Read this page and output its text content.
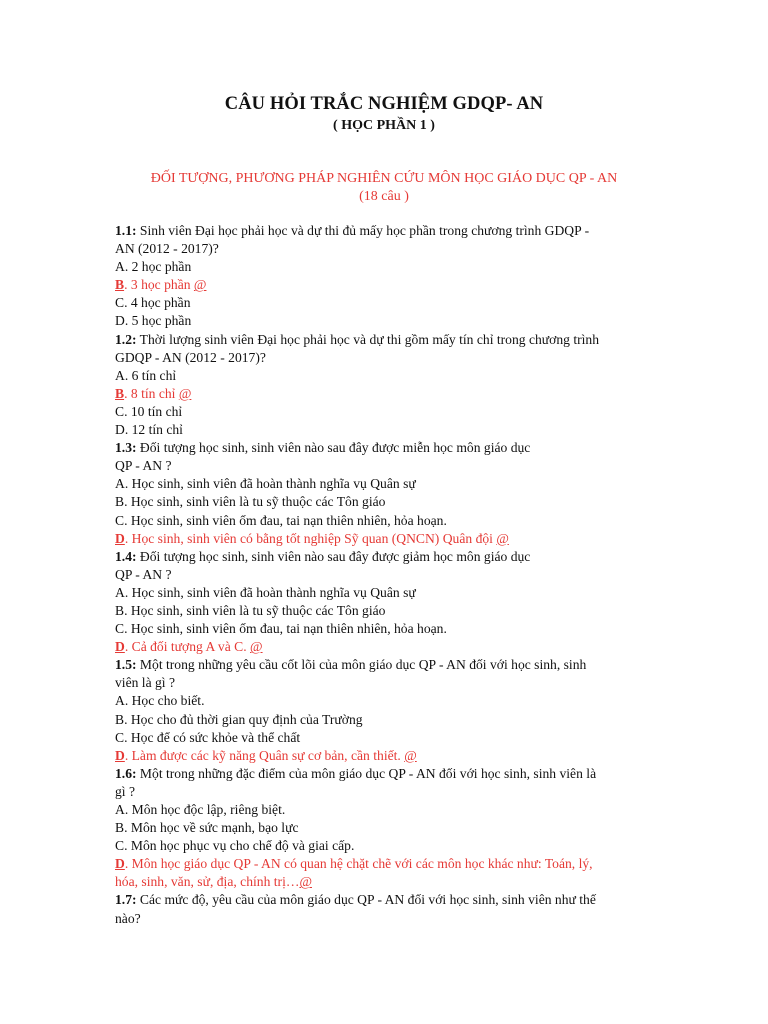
CÂU HỎI TRẮC NGHIỆM GDQP- AN
( HỌC PHẦN 1 )
ĐỐI TƯỢNG, PHƯƠNG PHÁP NGHIÊN CỨU MÔN HỌC GIÁO DỤC QP - AN
(18 câu )
1.1: Sinh viên Đại học phải học và dự thi đủ mấy học phần trong chương trình GDQP -
AN (2012 - 2017)?
A. 2 học phần
B. 3 học phần @
C. 4 học phần
D. 5 học phần
1.2: Thời lượng sinh viên Đại học phải học và dự thi gồm mấy tín chỉ trong chương trình
GDQP - AN (2012 - 2017)?
A. 6 tín chỉ
B. 8 tín chỉ @
C. 10 tín chỉ
D. 12 tín chỉ
1.3: Đối tượng học sinh, sinh viên nào sau đây được miễn học môn giáo dục
QP - AN ?
A. Học sinh, sinh viên đã hoàn thành nghĩa vụ Quân sự
B. Học sinh, sinh viên là tu sỹ thuộc các Tôn giáo
C. Học sinh, sinh viên ốm đau, tai nạn thiên nhiên, hỏa hoạn.
D. Học sinh, sinh viên có bằng tốt nghiệp Sỹ quan (QNCN) Quân đội @
1.4: Đối tượng học sinh, sinh viên nào sau đây được giảm học môn giáo dục
QP - AN ?
A. Học sinh, sinh viên đã hoàn thành nghĩa vụ Quân sự
B. Học sinh, sinh viên là tu sỹ thuộc các Tôn giáo
C. Học sinh, sinh viên ốm đau, tai nạn thiên nhiên, hỏa hoạn.
D. Cả đối tượng A và C. @
1.5: Một trong những yêu cầu cốt lõi của môn giáo dục QP - AN đối với học sinh, sinh
viên là gì ?
A. Học cho biết.
B. Học cho đủ thời gian quy định của Trường
C. Học để có sức khỏe và thể chất
D. Làm được các kỹ năng Quân sự cơ bản, cần thiết. @
1.6: Một trong những đặc điểm của môn giáo dục QP - AN đối với học sinh, sinh viên là
gì ?
A. Môn học độc lập, riêng biệt.
B. Môn học về sức mạnh, bạo lực
C. Môn học phục vụ cho chế độ và giai cấp.
D. Môn học giáo dục QP - AN có quan hệ chặt chẽ với các môn học khác như: Toán, lý,
hóa, sinh, văn, sử, địa, chính trị…@
1.7: Các mức độ, yêu cầu của môn giáo dục QP - AN đối với học sinh, sinh viên như thế
nào?
